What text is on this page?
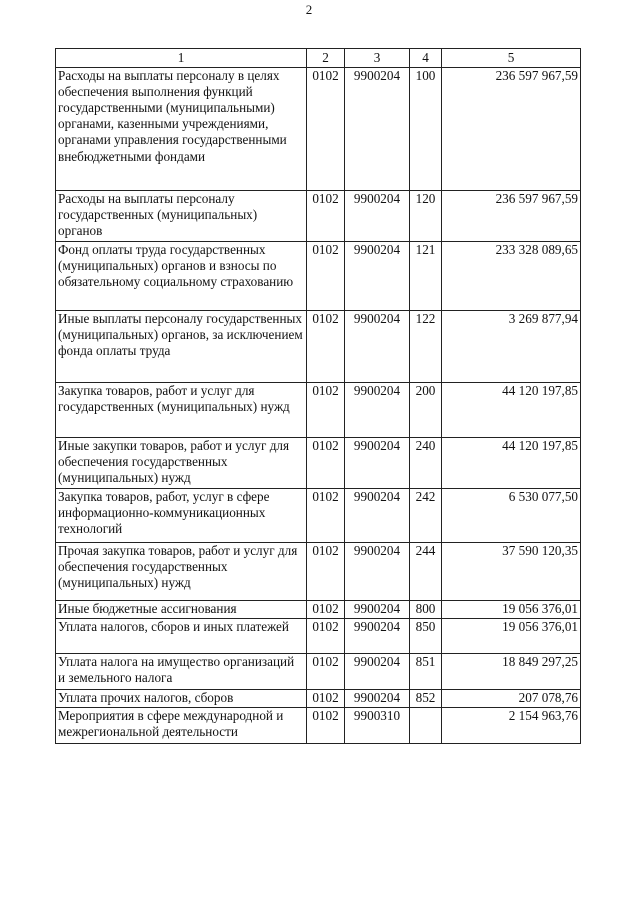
2
1	2	3	4	5
Расходы на выплаты персоналу в целях обеспечения выполнения функций государственными (муниципальными) органами, казенными учреждениями, органами управления государственными внебюджетными фондами	0102	9900204	100	236 597 967,59
Расходы на выплаты персоналу государственных (муниципальных) органов	0102	9900204	120	236 597 967,59
Фонд оплаты труда государственных (муниципальных) органов и взносы по обязательному социальному страхованию	0102	9900204	121	233 328 089,65
Иные выплаты персоналу государственных (муниципальных) органов, за исключением фонда оплаты труда	0102	9900204	122	3 269 877,94
Закупка товаров, работ и услуг для государственных (муниципальных) нужд	0102	9900204	200	44 120 197,85
Иные закупки товаров, работ и услуг для обеспечения государственных (муниципальных) нужд	0102	9900204	240	44 120 197,85
Закупка товаров, работ, услуг в сфере информационно-коммуникационных технологий	0102	9900204	242	6 530 077,50
Прочая закупка товаров, работ и услуг для обеспечения государственных (муниципальных) нужд	0102	9900204	244	37 590 120,35
Иные бюджетные ассигнования	0102	9900204	800	19 056 376,01
Уплата налогов, сборов и иных платежей	0102	9900204	850	19 056 376,01
Уплата налога на имущество организаций и земельного налога	0102	9900204	851	18 849 297,25
Уплата прочих налогов, сборов	0102	9900204	852	207 078,76
Мероприятия в сфере международной и межрегиональной деятельности	0102	9900310		2 154 963,76
